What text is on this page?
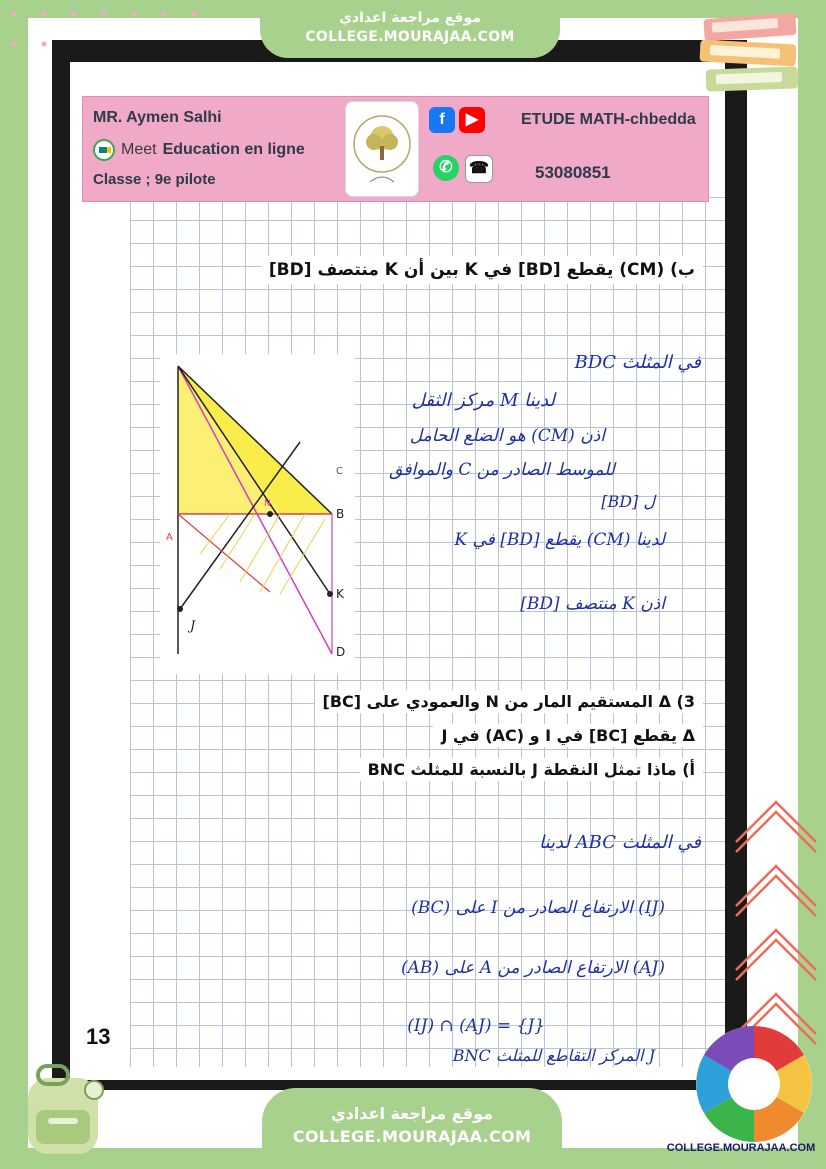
MR. Aymen Salhi
Meet Education en ligne
Classe ; 9e pilote
f	▶
✆	☎
ETUDE MATH-chbedda
53080851
ب) (CM) يقطع [BD] في K بين أن K منتصف [BD]
B
D
K
J
A
N
C
في المثلث BDC
لدينا M مركز الثقل
اذن (CM) هو الضلع الحامل
للموسط الصادر من C والموافق
ل [BD]
لدينا (CM) يقطع [BD] في K
اذن K منتصف [BD]
3) Δ المستقيم المار من N والعمودي على [BC]
Δ يقطع [BC] في I و (AC) في J
أ) ماذا تمثل النقطة J بالنسبة للمثلث BNC
في المثلث ABC لدينا
(IJ) الارتفاع الصادر من I على (BC)
(AJ) الارتفاع الصادر من A على (AB)
(IJ) ∩ (AJ) = {J}
J المركز التقاطع للمثلث BNC
13
موقع مراجعة اعدادي
COLLEGE.MOURAJAA.COM
موقع مراجعة اعدادي
COLLEGE.MOURAJAA.COM
COLLEGE.MOURAJAA.COM
